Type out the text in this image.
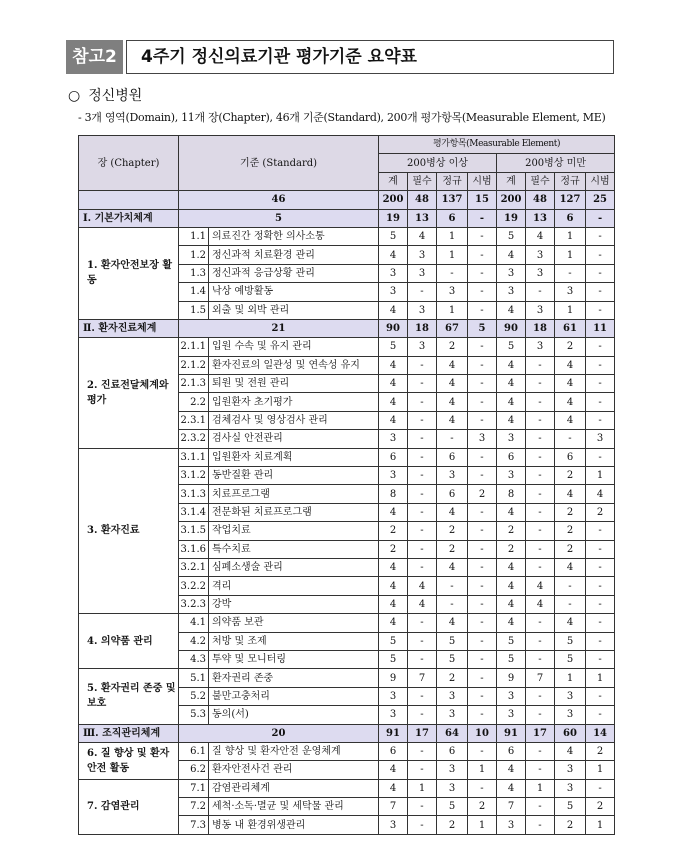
참고2	4주기 정신의료기관 평가기준 요약표
○ 정신병원
- 3개 영역(Domain), 11개 장(Chapter), 46개 기준(Standard), 200개 평가항목(Measurable Element, ME)
장 (Chapter)	기준 (Standard)		평가항목(Measurable Element)							
			200병상 이상				200병상 미만			
			계	필수	정규	시범	계	필수	정규	시범
	46		200	48	137	15	200	48	127	25
Ⅰ. 기본가치체계	5		19	13	6	-	19	13	6	-
1. 환자안전보장 활동	1.1	의료진간 정확한 의사소통	5	4	1	-	5	4	1	-
	1.2	정신과적 치료환경 관리	4	3	1	-	4	3	1	-
	1.3	정신과적 응급상황 관리	3	3	-	-	3	3	-	-
	1.4	낙상 예방활동	3	-	3	-	3	-	3	-
	1.5	외출 및 외박 관리	4	3	1	-	4	3	1	-
Ⅱ. 환자진료체계	21		90	18	67	5	90	18	61	11
2. 진료전달체계와 평가	2.1.1	입원 수속 및 유지 관리	5	3	2	-	5	3	2	-
	2.1.2	환자진료의 일관성 및 연속성 유지	4	-	4	-	4	-	4	-
	2.1.3	퇴원 및 전원 관리	4	-	4	-	4	-	4	-
	2.2	입원환자 초기평가	4	-	4	-	4	-	4	-
	2.3.1	검체검사 및 영상검사 관리	4	-	4	-	4	-	4	-
	2.3.2	검사실 안전관리	3	-	-	3	3	-	-	3
3. 환자진료	3.1.1	입원환자 치료계획	6	-	6	-	6	-	6	-
	3.1.2	동반질환 관리	3	-	3	-	3	-	2	1
	3.1.3	치료프로그램	8	-	6	2	8	-	4	4
	3.1.4	전문화된 치료프로그램	4	-	4	-	4	-	2	2
	3.1.5	작업치료	2	-	2	-	2	-	2	-
	3.1.6	특수치료	2	-	2	-	2	-	2	-
	3.2.1	심폐소생술 관리	4	-	4	-	4	-	4	-
	3.2.2	격리	4	4	-	-	4	4	-	-
	3.2.3	강박	4	4	-	-	4	4	-	-
4. 의약품 관리	4.1	의약품 보관	4	-	4	-	4	-	4	-
	4.2	처방 및 조제	5	-	5	-	5	-	5	-
	4.3	투약 및 모니터링	5	-	5	-	5	-	5	-
5. 환자권리 존중 및 보호	5.1	환자권리 존중	9	7	2	-	9	7	1	1
	5.2	불만고충처리	3	-	3	-	3	-	3	-
	5.3	동의(서)	3	-	3	-	3	-	3	-
Ⅲ. 조직관리체계	20		91	17	64	10	91	17	60	14
6. 질 향상 및 환자안전 활동	6.1	질 향상 및 환자안전 운영체계	6	-	6	-	6	-	4	2
	6.2	환자안전사건 관리	4	-	3	1	4	-	3	1
7. 감염관리	7.1	감염관리체계	4	1	3	-	4	1	3	-
	7.2	세척·소독·멸균 및 세탁물 관리	7	-	5	2	7	-	5	2
	7.3	병동 내 환경위생관리	3	-	2	1	3	-	2	1
